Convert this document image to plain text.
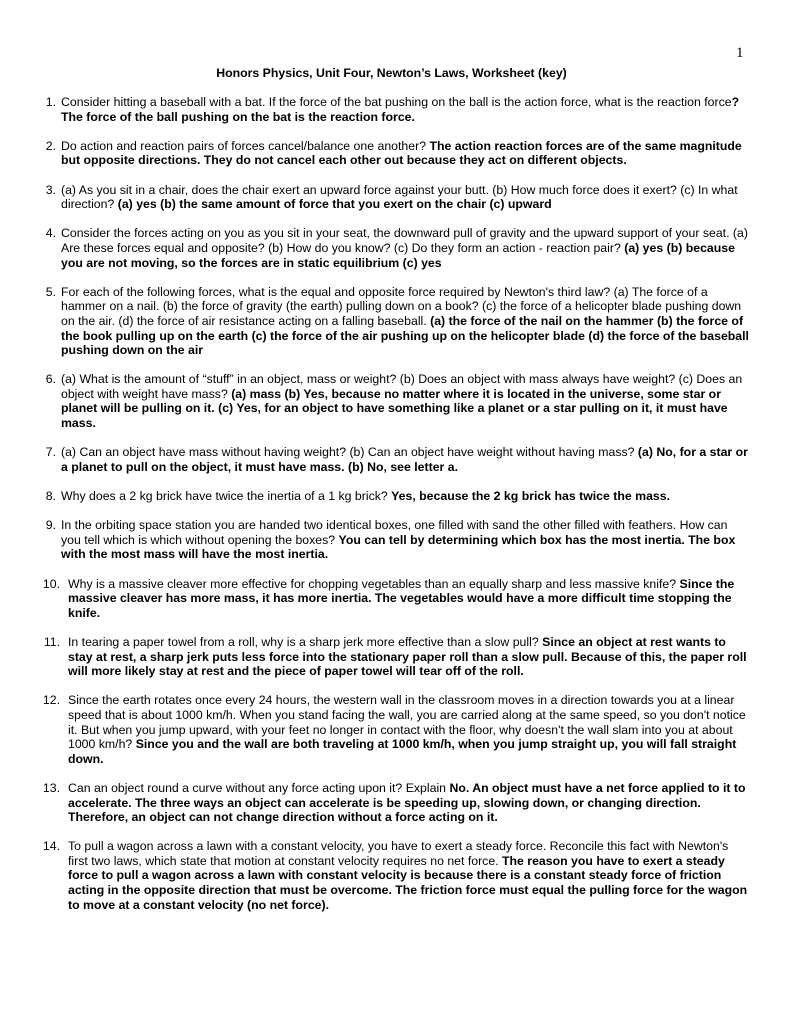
1
Honors Physics, Unit Four, Newton’s Laws, Worksheet (key)
1. Consider hitting a baseball with a bat. If the force of the bat pushing on the ball is the action force, what is the reaction force? The force of the ball pushing on the bat is the reaction force.
2. Do action and reaction pairs of forces cancel/balance one another? The action reaction forces are of the same magnitude but opposite directions. They do not cancel each other out because they act on different objects.
3. (a) As you sit in a chair, does the chair exert an upward force against your butt. (b) How much force does it exert? (c) In what direction? (a) yes (b) the same amount of force that you exert on the chair (c) upward
4. Consider the forces acting on you as you sit in your seat, the downward pull of gravity and the upward support of your seat. (a) Are these forces equal and opposite? (b) How do you know? (c) Do they form an action - reaction pair? (a) yes (b) because you are not moving, so the forces are in static equilibrium (c) yes
5. For each of the following forces, what is the equal and opposite force required by Newton's third law? (a) The force of a hammer on a nail. (b) the force of gravity (the earth) pulling down on a book? (c) the force of a helicopter blade pushing down on the air. (d) the force of air resistance acting on a falling baseball. (a) the force of the nail on the hammer (b) the force of the book pulling up on the earth (c) the force of the air pushing up on the helicopter blade (d) the force of the baseball pushing down on the air
6. (a) What is the amount of “stuff” in an object, mass or weight? (b) Does an object with mass always have weight? (c) Does an object with weight have mass? (a) mass (b) Yes, because no matter where it is located in the universe, some star or planet will be pulling on it. (c) Yes, for an object to have something like a planet or a star pulling on it, it must have mass.
7. (a) Can an object have mass without having weight? (b) Can an object have weight without having mass? (a) No, for a star or a planet to pull on the object, it must have mass. (b) No, see letter a.
8. Why does a 2 kg brick have twice the inertia of a 1 kg brick? Yes, because the 2 kg brick has twice the mass.
9. In the orbiting space station you are handed two identical boxes, one filled with sand the other filled with feathers. How can you tell which is which without opening the boxes? You can tell by determining which box has the most inertia. The box with the most mass will have the most inertia.
10. Why is a massive cleaver more effective for chopping vegetables than an equally sharp and less massive knife? Since the massive cleaver has more mass, it has more inertia. The vegetables would have a more difficult time stopping the knife.
11. In tearing a paper towel from a roll, why is a sharp jerk more effective than a slow pull? Since an object at rest wants to stay at rest, a sharp jerk puts less force into the stationary paper roll than a slow pull. Because of this, the paper roll will more likely stay at rest and the piece of paper towel will tear off of the roll.
12. Since the earth rotates once every 24 hours, the western wall in the classroom moves in a direction towards you at a linear speed that is about 1000 km/h. When you stand facing the wall, you are carried along at the same speed, so you don't notice it. But when you jump upward, with your feet no longer in contact with the floor, why doesn't the wall slam into you at about 1000 km/h? Since you and the wall are both traveling at 1000 km/h, when you jump straight up, you will fall straight down.
13. Can an object round a curve without any force acting upon it? Explain No. An object must have a net force applied to it to accelerate. The three ways an object can accelerate is be speeding up, slowing down, or changing direction. Therefore, an object can not change direction without a force acting on it.
14. To pull a wagon across a lawn with a constant velocity, you have to exert a steady force. Reconcile this fact with Newton's first two laws, which state that motion at constant velocity requires no net force. The reason you have to exert a steady force to pull a wagon across a lawn with constant velocity is because there is a constant steady force of friction acting in the opposite direction that must be overcome. The friction force must equal the pulling force for the wagon to move at a constant velocity (no net force).
